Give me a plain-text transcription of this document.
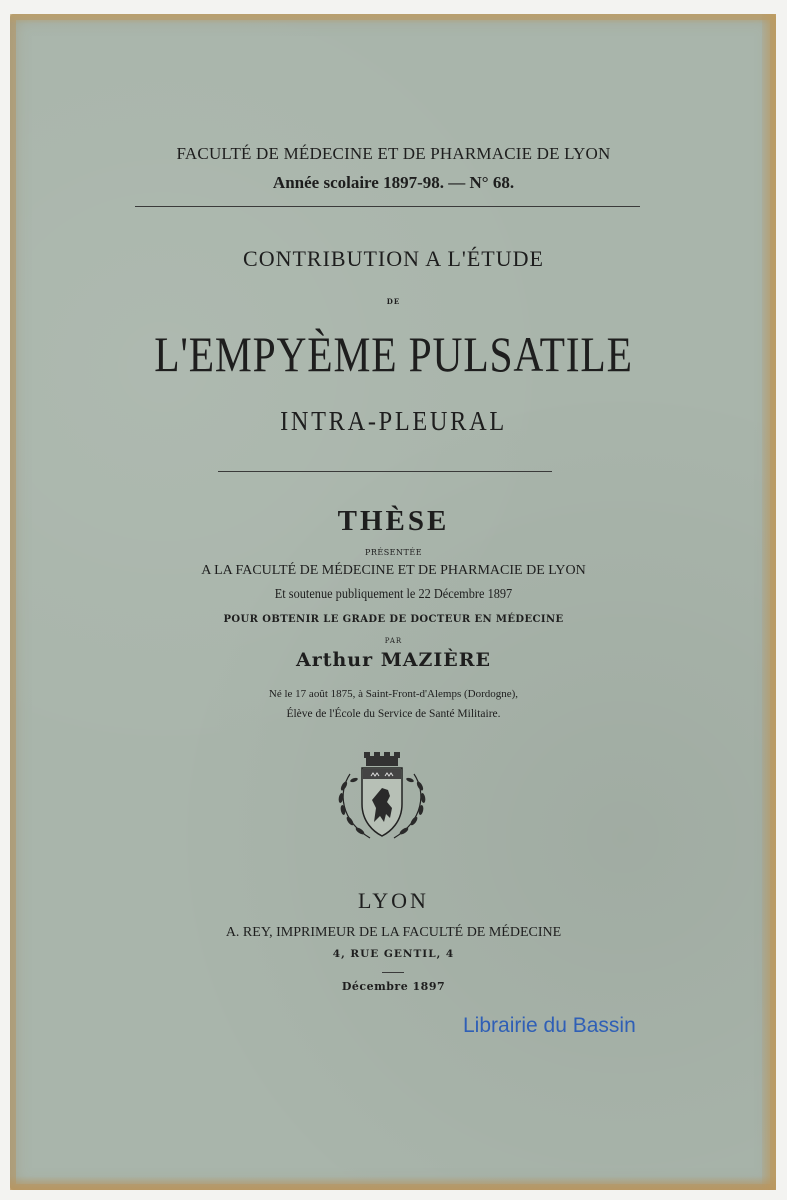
FACULTÉ DE MÉDECINE ET DE PHARMACIE DE LYON
Année scolaire 1897-98. — N° 68.
CONTRIBUTION A L'ÉTUDE
DE
L'EMPYÈME PULSATILE
INTRA-PLEURAL
THÈSE
PRÉSENTÉE
A LA FACULTÉ DE MÉDECINE ET DE PHARMACIE DE LYON
Et soutenue publiquement le 22 Décembre 1897
POUR OBTENIR LE GRADE DE DOCTEUR EN MÉDECINE
PAR
Arthur MAZIÈRE
Né le 17 août 1875, à Saint-Front-d'Alemps (Dordogne),
Élève de l'École du Service de Santé Militaire.
LYON
A. REY, IMPRIMEUR DE LA FACULTÉ DE MÉDECINE
4, RUE GENTIL, 4
Décembre 1897
Librairie du Bassin
